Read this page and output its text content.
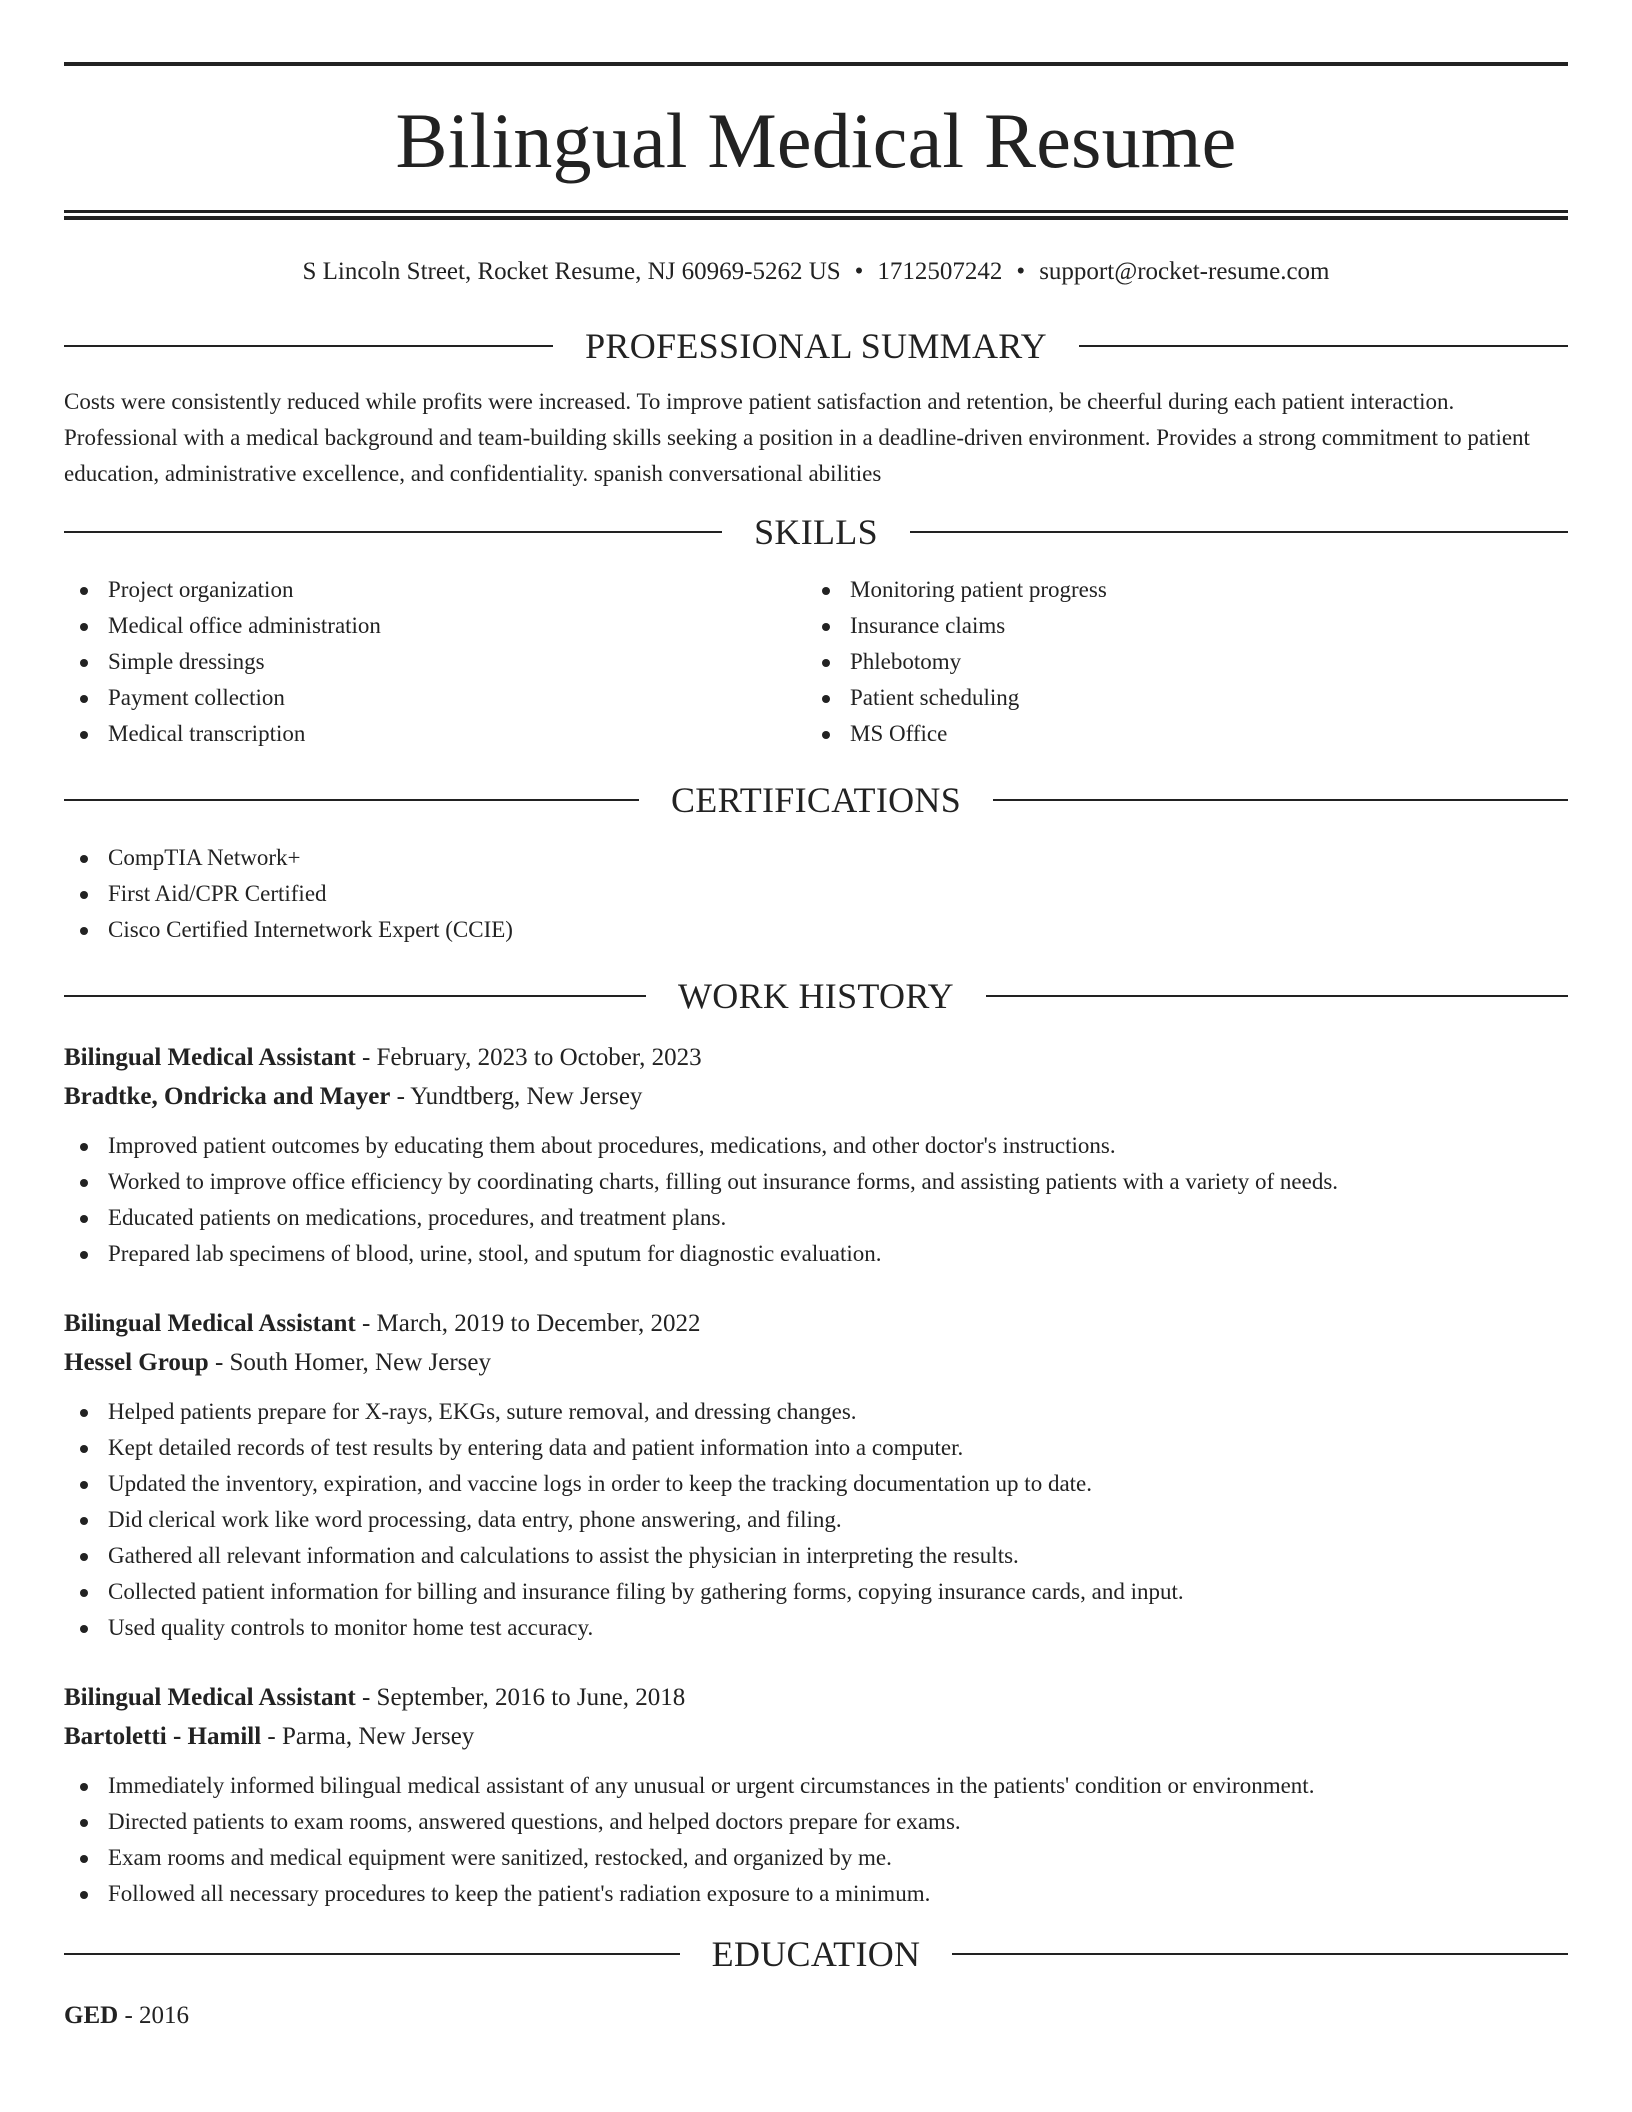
Bilingual Medical Resume
S Lincoln Street, Rocket Resume, NJ 60969-5262 US • 1712507242 • support@rocket-resume.com
PROFESSIONAL SUMMARY

Costs were consistently reduced while profits were increased. To improve patient satisfaction and retention, be cheerful during each patient interaction. Professional with a medical background and team-building skills seeking a position in a deadline-driven environment. Provides a strong commitment to patient education, administrative excellence, and confidentiality. spanish conversational abilities

SKILLS
Project organization
Medical office administration
Simple dressings
Payment collection
Medical transcription
Monitoring patient progress
Insurance claims
Phlebotomy
Patient scheduling
MS Office
CERTIFICATIONS
CompTIA Network+
First Aid/CPR Certified
Cisco Certified Internetwork Expert (CCIE)
WORK HISTORY
Bilingual Medical Assistant - February, 2023 to October, 2023
Bradtke, Ondricka and Mayer - Yundtberg, New Jersey
Improved patient outcomes by educating them about procedures, medications, and other doctor's instructions.
Worked to improve office efficiency by coordinating charts, filling out insurance forms, and assisting patients with a variety of needs.
Educated patients on medications, procedures, and treatment plans.
Prepared lab specimens of blood, urine, stool, and sputum for diagnostic evaluation.
Bilingual Medical Assistant - March, 2019 to December, 2022
Hessel Group - South Homer, New Jersey
Helped patients prepare for X-rays, EKGs, suture removal, and dressing changes.
Kept detailed records of test results by entering data and patient information into a computer.
Updated the inventory, expiration, and vaccine logs in order to keep the tracking documentation up to date.
Did clerical work like word processing, data entry, phone answering, and filing.
Gathered all relevant information and calculations to assist the physician in interpreting the results.
Collected patient information for billing and insurance filing by gathering forms, copying insurance cards, and input.
Used quality controls to monitor home test accuracy.
Bilingual Medical Assistant - September, 2016 to June, 2018
Bartoletti - Hamill - Parma, New Jersey
Immediately informed bilingual medical assistant of any unusual or urgent circumstances in the patients' condition or environment.
Directed patients to exam rooms, answered questions, and helped doctors prepare for exams.
Exam rooms and medical equipment were sanitized, restocked, and organized by me.
Followed all necessary procedures to keep the patient's radiation exposure to a minimum.
EDUCATION
GED - 2016
